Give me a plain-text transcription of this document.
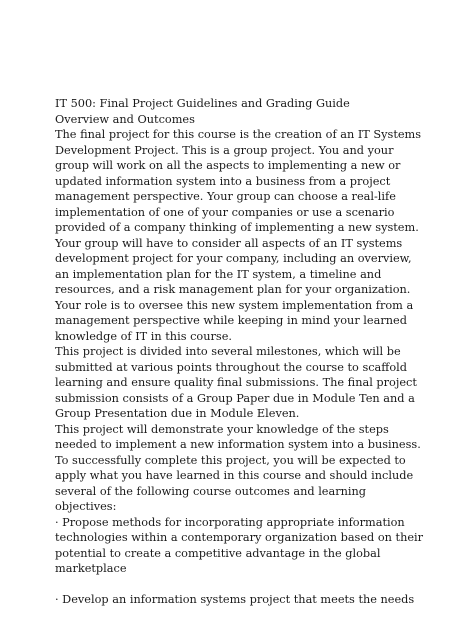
IT 500: Final Project Guidelines and Grading Guide
Overview and Outcomes
The final project for this course is the creation of an IT Systems
Development Project. This is a group project. You and your
group will work on all the aspects to implementing a new or
updated information system into a business from a project
management perspective. Your group can choose a real-life
implementation of one of your companies or use a scenario
provided of a company thinking of implementing a new system.
Your group will have to consider all aspects of an IT systems
development project for your company, including an overview,
an implementation plan for the IT system, a timeline and
resources, and a risk management plan for your organization.
Your role is to oversee this new system implementation from a
management perspective while keeping in mind your learned
knowledge of IT in this course.
This project is divided into several milestones, which will be
submitted at various points throughout the course to scaffold
learning and ensure quality final submissions. The final project
submission consists of a Group Paper due in Module Ten and a
Group Presentation due in Module Eleven.
This project will demonstrate your knowledge of the steps
needed to implement a new information system into a business.
To successfully complete this project, you will be expected to
apply what you have learned in this course and should include
several of the following course outcomes and learning
objectives:
· Propose methods for incorporating appropriate information
technologies within a contemporary organization based on their
potential to create a competitive advantage in the global
marketplace
· Develop an information systems project that meets the needs
